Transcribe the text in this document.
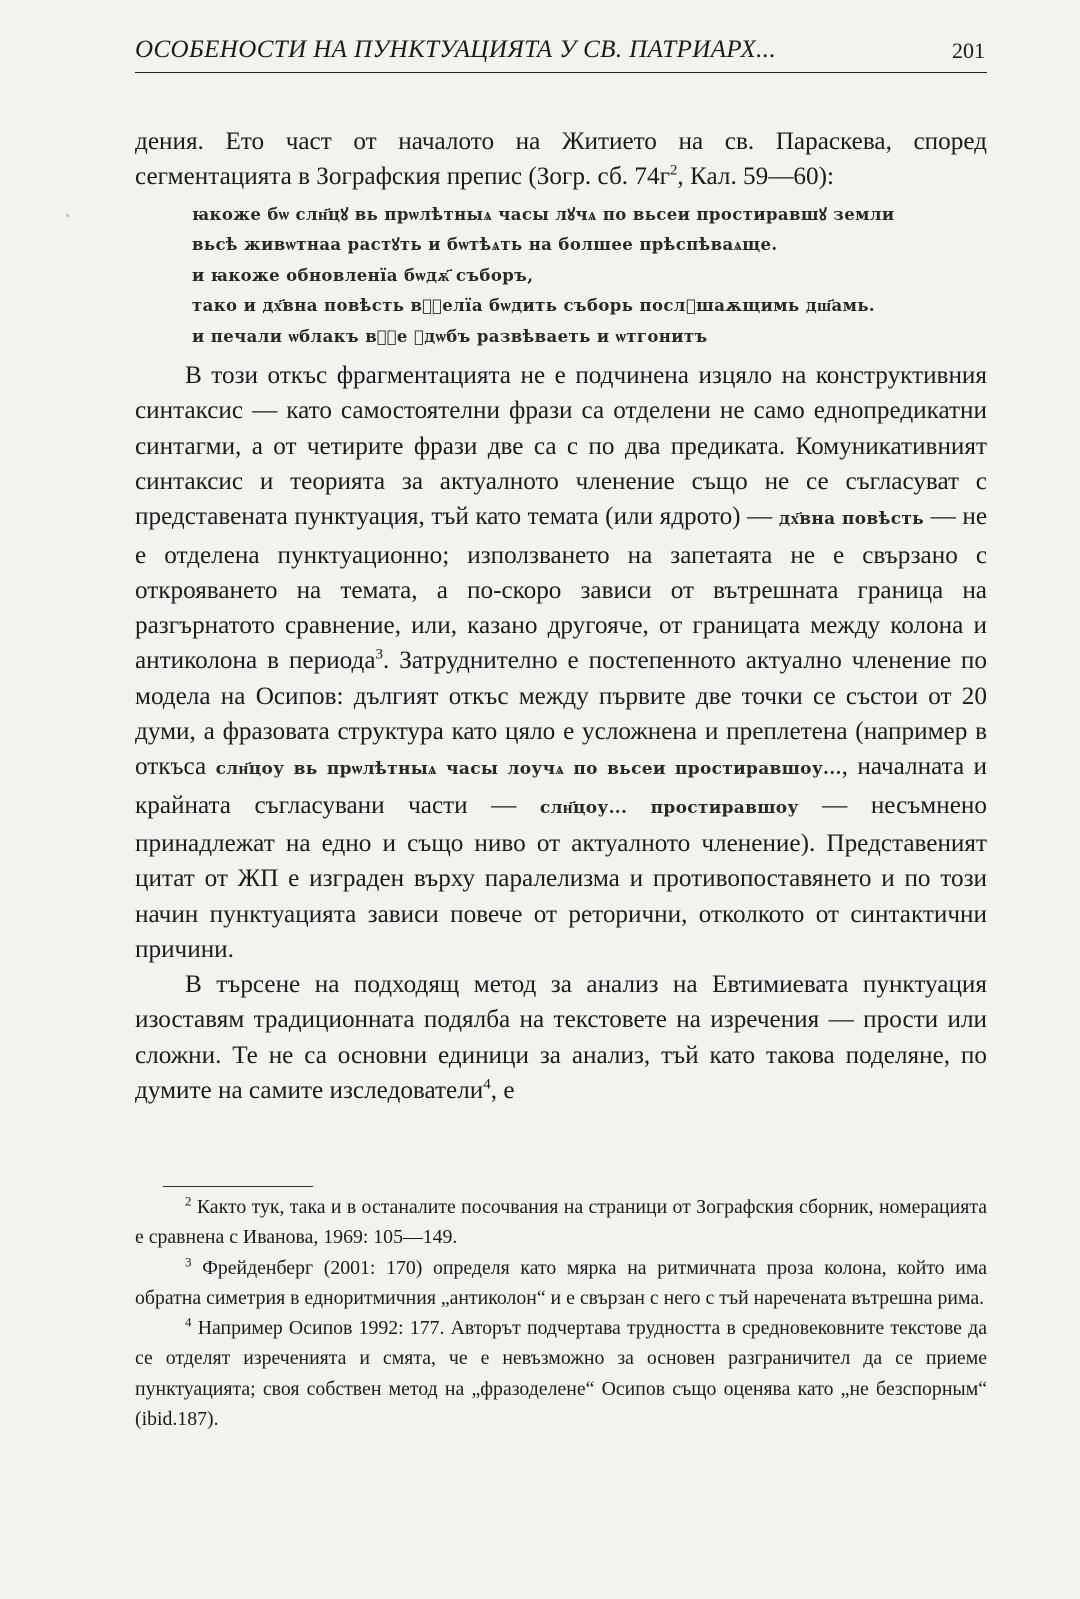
ОСОБЕНОСТИ НА ПУНКТУАЦИЯТА У СВ. ПАТРИАРХ...	201

дения. Ето част от началото на Житието на св. Параскева, според сегментацията в Зографския препис (Зогр. сб. $74г^2$, Кал. 59—60):

ꙗкоже бѡ слн҃цꙋ вь прѡлѣтныѧ часы лꙋчѧ по вьсеи простиравшꙋ земли
вьсѣ живѡтнаа растꙋть и бѡтѣѧть на болшее прѣспѣваѧще.
и ꙗкоже обновленїа бѡдѫ҃ съборъ,
тако и дх҃вна повѣсть вⷭ҇елїа бѡдить съборь послꙋшаѫщимь дш҃амь.
и печали ѡблакъ вⷭ҇е ꙋдѡбъ развѣваеть и ѡтгонитъ

В този откъс фрагментацията не е подчинена изцяло на конструктивния синтаксис — като самостоятелни фрази са отделени не само еднопредикатни синтагми, а от четирите фрази две са с по два предиката. Комуникативният синтаксис и теорията за актуалното членение също не се съгласуват с представената пунктуация, тъй като темата (или ядрото) — дх҃вна повѣсть — не е отделена пунктуационно; използването на запетаята не е свързано с открояването на темата, а по-скоро зависи от вътрешната граница на разгърнатото сравнение, или, казано другояче, от границата между колона и антиколона в периода$^3$. Затруднително е постепенното актуално членение по модела на Осипов: дългият откъс между първите две точки се състои от 20 думи, а фразовата структура като цяло е усложнена и преплетена (например в откъса слн҃цоу вь прѡлѣтныѧ часы лоучѧ по вьсеи простиравшоу..., началната и крайната съгласувани части — слн҃цоу... простиравшоу — несъмнено принадлежат на едно и също ниво от актуалното членение). Представеният цитат от ЖП е изграден върху паралелизма и противопоставянето и по този начин пунктуацията зависи повече от реторични, отколкото от синтактични причини.

В търсене на подходящ метод за анализ на Евтимиевата пунктуация изоставям традиционната подялба на текстовете на изречения — прости или сложни. Те не са основни единици за анализ, тъй като такова поделяне, по думите на самите изследователи$^4$, е

$^2$ Както тук, така и в останалите посочвания на страници от Зографския сборник, номерацията е сравнена с Иванова, 1969: 105—149.

$^3$ Фрейденберг (2001: 170) определя като мярка на ритмичната проза колона, който има обратна симетрия в едноритмичния „антиколон“ и е свързан с него с тъй наречената вътрешна рима.

$^4$ Например Осипов 1992: 177. Авторът подчертава трудността в средновековните текстове да се отделят изреченията и смята, че е невъзможно за основен разграничител да се приеме пунктуацията; своя собствен метод на „фразоделене“ Осипов също оценява като „не безспорным“ (ibid.187).
